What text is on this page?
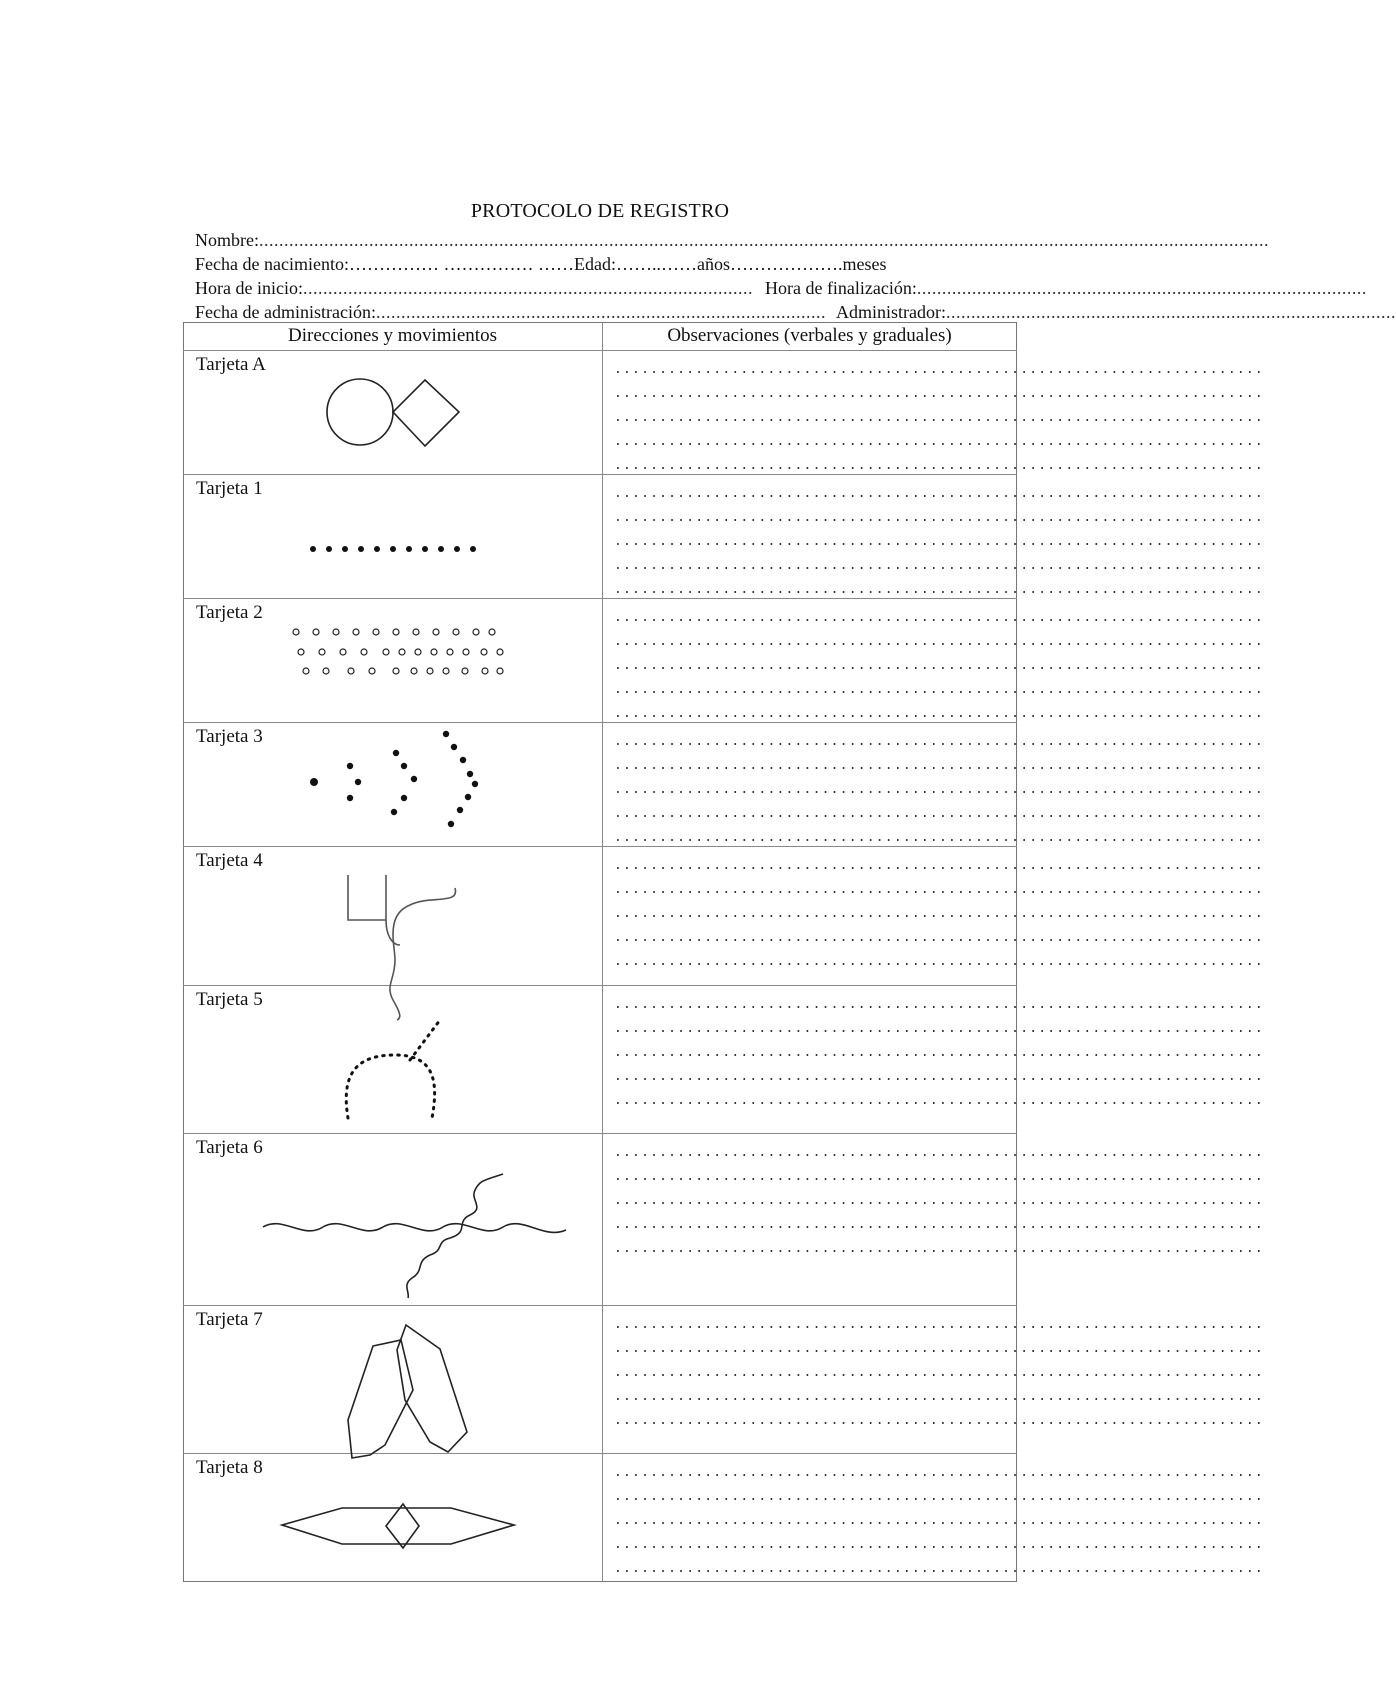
PROTOCOLO DE REGISTRO
Nombre: ..........................................................................................................................................................................................................
Fecha de nacimiento: …………… …………… …… Edad: ……..…… años ………………. meses
Hora de inicio: .......................................................................................... Hora de finalización: ..........................................................................................
Fecha de administración: .......................................................................................... Administrador: ..........................................................................................
Direcciones y movimientos	Observaciones (verbales y graduales)
Tarjeta A	........................................................................
........................................................................
........................................................................
........................................................................
........................................................................
Tarjeta 1	........................................................................
........................................................................
........................................................................
........................................................................
........................................................................
Tarjeta 2	........................................................................
........................................................................
........................................................................
........................................................................
........................................................................
Tarjeta 3	........................................................................
........................................................................
........................................................................
........................................................................
........................................................................
Tarjeta 4	........................................................................
........................................................................
........................................................................
........................................................................
........................................................................
Tarjeta 5	........................................................................
........................................................................
........................................................................
........................................................................
........................................................................
Tarjeta 6	........................................................................
........................................................................
........................................................................
........................................................................
........................................................................
Tarjeta 7	........................................................................
........................................................................
........................................................................
........................................................................
........................................................................
Tarjeta 8	........................................................................
........................................................................
........................................................................
........................................................................
........................................................................
